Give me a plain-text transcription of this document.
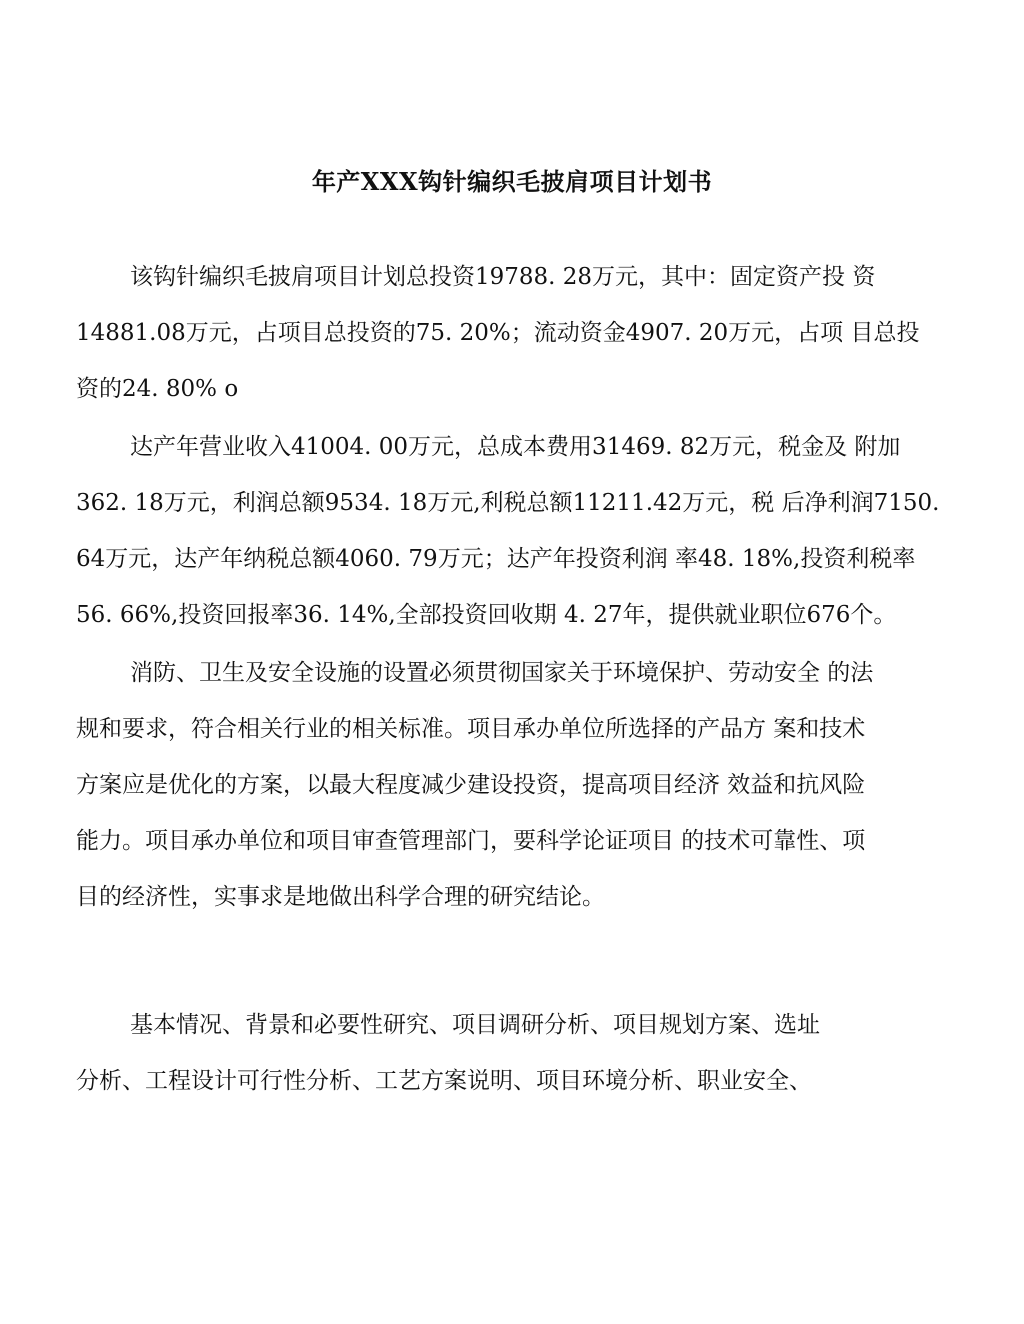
年产XXX钩针编织毛披肩项目计划书
该钩针编织毛披肩项目计划总投资19788. 28万元，其中：固定资产投 资
14881.08万元，占项目总投资的75. 20%；流动资金4907. 20万元，占项 目总投
资的24. 80% o
达产年营业收入41004. 00万元，总成本费用31469. 82万元，税金及 附加
362. 18万元，利润总额9534. 18万元,利税总额11211.42万元，税 后净利润7150.
64万元，达产年纳税总额4060. 79万元；达产年投资利润 率48. 18%,投资利税率
56. 66%,投资回报率36. 14%,全部投资回收期 4. 27年，提供就业职位676个。
消防、卫生及安全设施的设置必须贯彻国家关于环境保护、劳动安全 的法
规和要求，符合相关行业的相关标准。项目承办单位所选择的产品方 案和技术
方案应是优化的方案，以最大程度减少建设投资，提高项目经济 效益和抗风险
能力。项目承办单位和项目审查管理部门，要科学论证项目 的技术可靠性、项
目的经济性，实事求是地做出科学合理的研究结论。
基本情况、背景和必要性研究、项目调研分析、项目规划方案、选址
分析、工程设计可行性分析、工艺方案说明、项目环境分析、职业安全、
